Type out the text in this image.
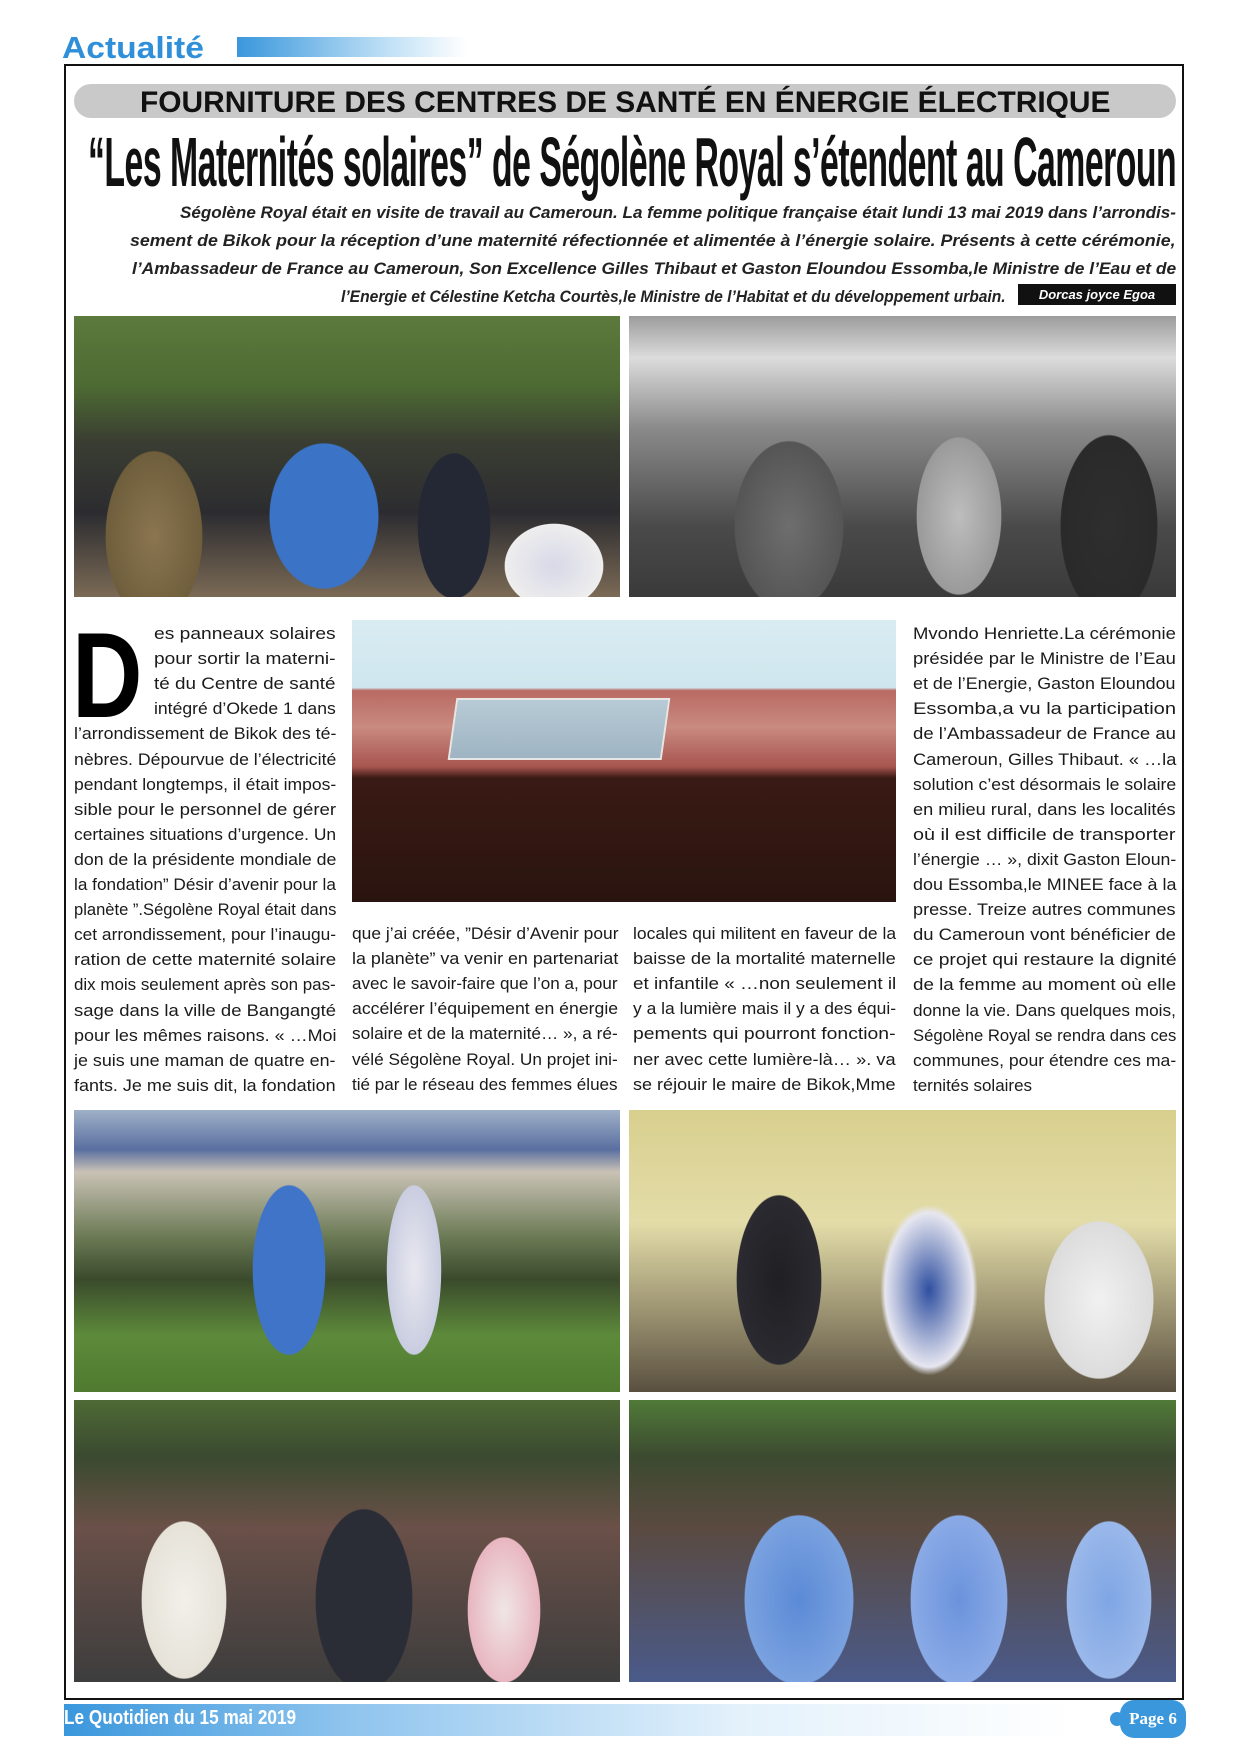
Actualité
FOURNITURE DES CENTRES DE SANTÉ EN ÉNERGIE ÉLECTRIQUE
“Les Maternités solaires” de Ségolène Royal s’étendent au Cameroun
Ségolène Royal était en visite de travail au Cameroun. La femme politique française était lundi 13 mai 2019 dans l’arrondis-
sement de Bikok pour la réception d’une maternité réfectionnée et alimentée à l’énergie solaire. Présents à cette cérémonie,
l’Ambassadeur de France au Cameroun, Son Excellence Gilles Thibaut et Gaston Eloundou Essomba,le Ministre de l’Eau et de
l’Energie et Célestine Ketcha Courtès,le Ministre de l’Habitat et du développement urbain.	Dorcas joyce Egoa
D es panneaux solaires
pour sortir la materni-
té du Centre de santé
intégré d’Okede 1 dans
l’arrondissement de Bikok des té-
nèbres. Dépourvue de l’électricité
pendant longtemps, il était impos-
sible pour le personnel de gérer
certaines situations d’urgence. Un
don de la présidente mondiale de
la fondation” Désir d’avenir pour la
planète ”.Ségolène Royal était dans
cet arrondissement, pour l’inaugu-
ration de cette maternité solaire
dix mois seulement après son pas-
sage dans la ville de Bangangté
pour les mêmes raisons. « …Moi
je suis une maman de quatre en-
fants. Je me suis dit, la fondation
que j’ai créée, ”Désir d’Avenir pour
la planète” va venir en partenariat
avec le savoir-faire que l’on a, pour
accélérer l’équipement en énergie
solaire et de la maternité… », a ré-
vélé Ségolène Royal. Un projet ini-
tié par le réseau des femmes élues
locales qui militent en faveur de la
baisse de la mortalité maternelle
et infantile « …non seulement il
y a la lumière mais il y a des équi-
pements qui pourront fonction-
ner avec cette lumière-là… ». va
se réjouir le maire de Bikok,Mme
Mvondo Henriette.La cérémonie
présidée par le Ministre de l’Eau
et de l’Energie, Gaston Eloundou
Essomba,a vu la participation
de l’Ambassadeur de France au
Cameroun, Gilles Thibaut. « …la
solution c’est désormais le solaire
en milieu rural, dans les localités
où il est difficile de transporter
l’énergie … », dixit Gaston Eloun-
dou Essomba,le MINEE face à la
presse. Treize autres communes
du Cameroun vont bénéficier de
ce projet qui restaure la dignité
de la femme au moment où elle
donne la vie. Dans quelques mois,
Ségolène Royal se rendra dans ces
communes, pour étendre ces ma-
ternités solaires
Le Quotidien du 15 mai 2019	Page 6
